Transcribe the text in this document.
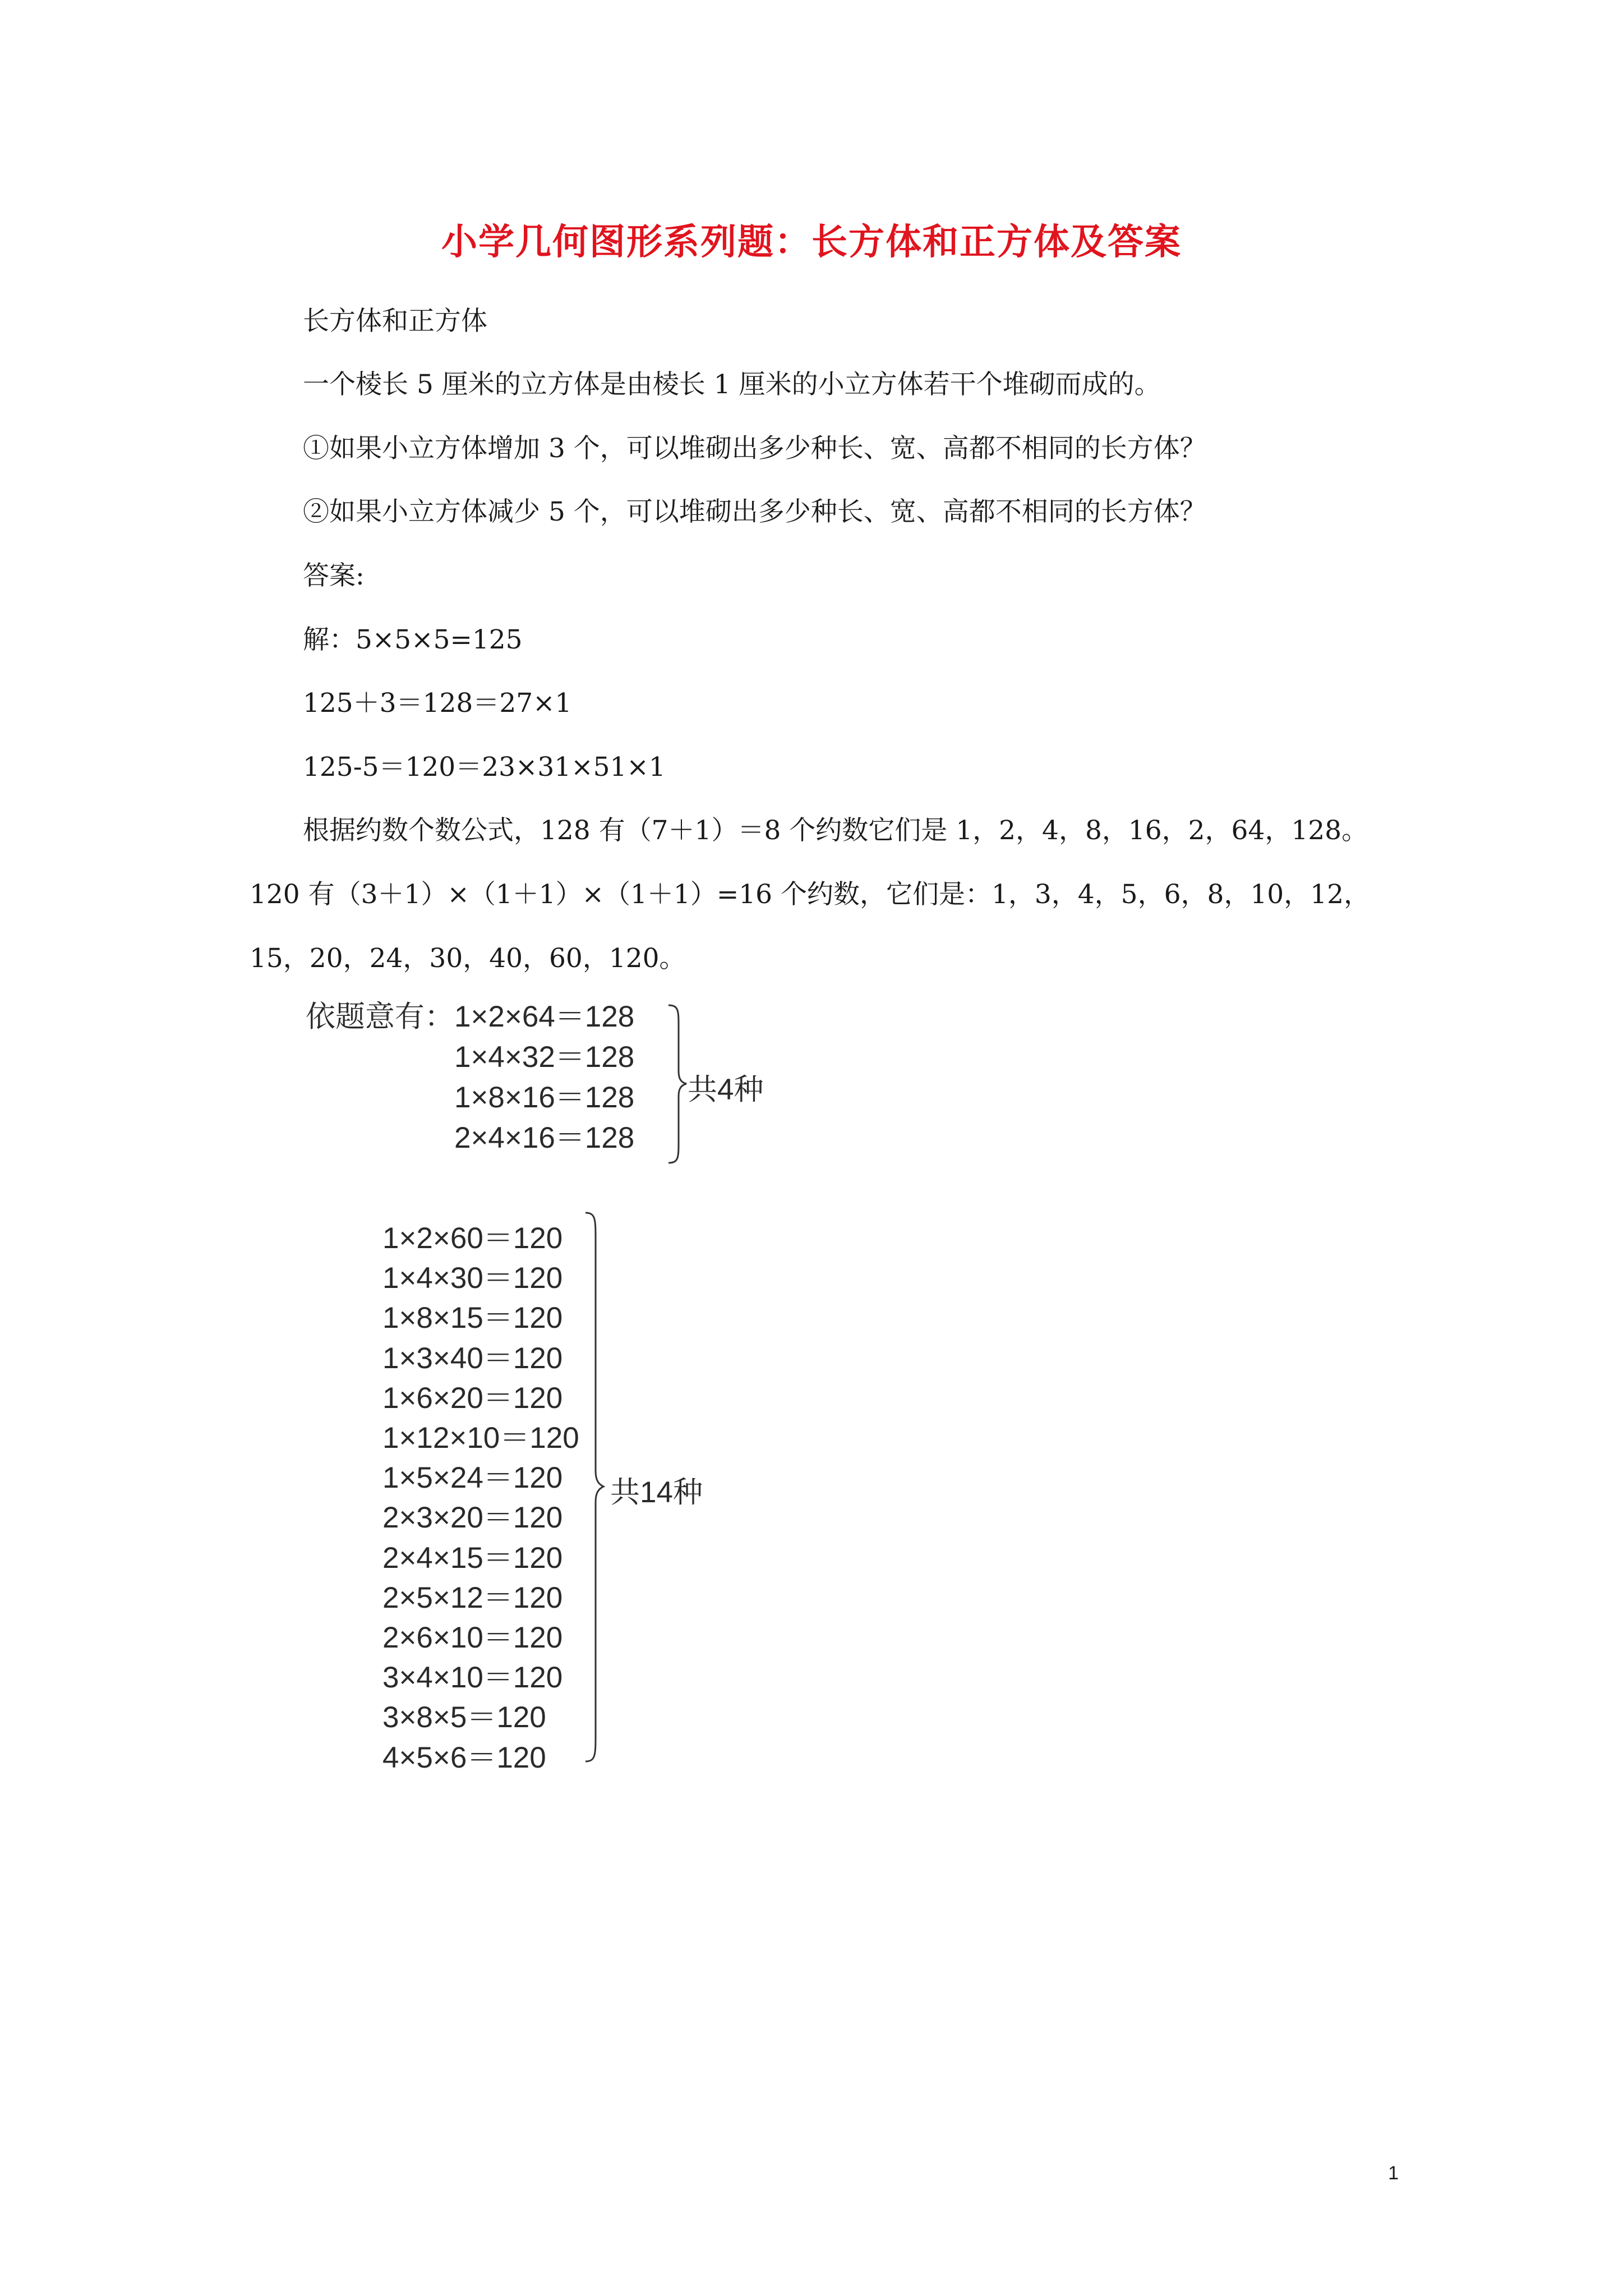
小学几何图形系列题：长方体和正方体及答案
长方体和正方体
一个棱长 5 厘米的立方体是由棱长 1 厘米的小立方体若干个堆砌而成的。
①如果小立方体增加 3 个，可以堆砌出多少种长、宽、高都不相同的长方体？
②如果小立方体减少 5 个，可以堆砌出多少种长、宽、高都不相同的长方体？
答案:
解：5×5×5=125
125＋3＝128＝27×1
125-5＝120＝23×31×51×1
根据约数个数公式，128 有（7＋1）＝8 个约数它们是 1，2，4，8，16，2，64，128。
120 有（3＋1）×（1＋1）×（1＋1）=16 个约数，它们是：1，3，4，5，6，8，10，12，
15，20，24，30，40，60，120。
依题意有： 1×2×64＝128
1×4×32＝128
1×8×16＝128
2×4×16＝128
共4种
1×2×60＝120
1×4×30＝120
1×8×15＝120
1×3×40＝120
1×6×20＝120
1×12×10＝120
1×5×24＝120
2×3×20＝120
2×4×15＝120
2×5×12＝120
2×6×10＝120
3×4×10＝120
3×8×5＝120
4×5×6＝120
共14种
1
